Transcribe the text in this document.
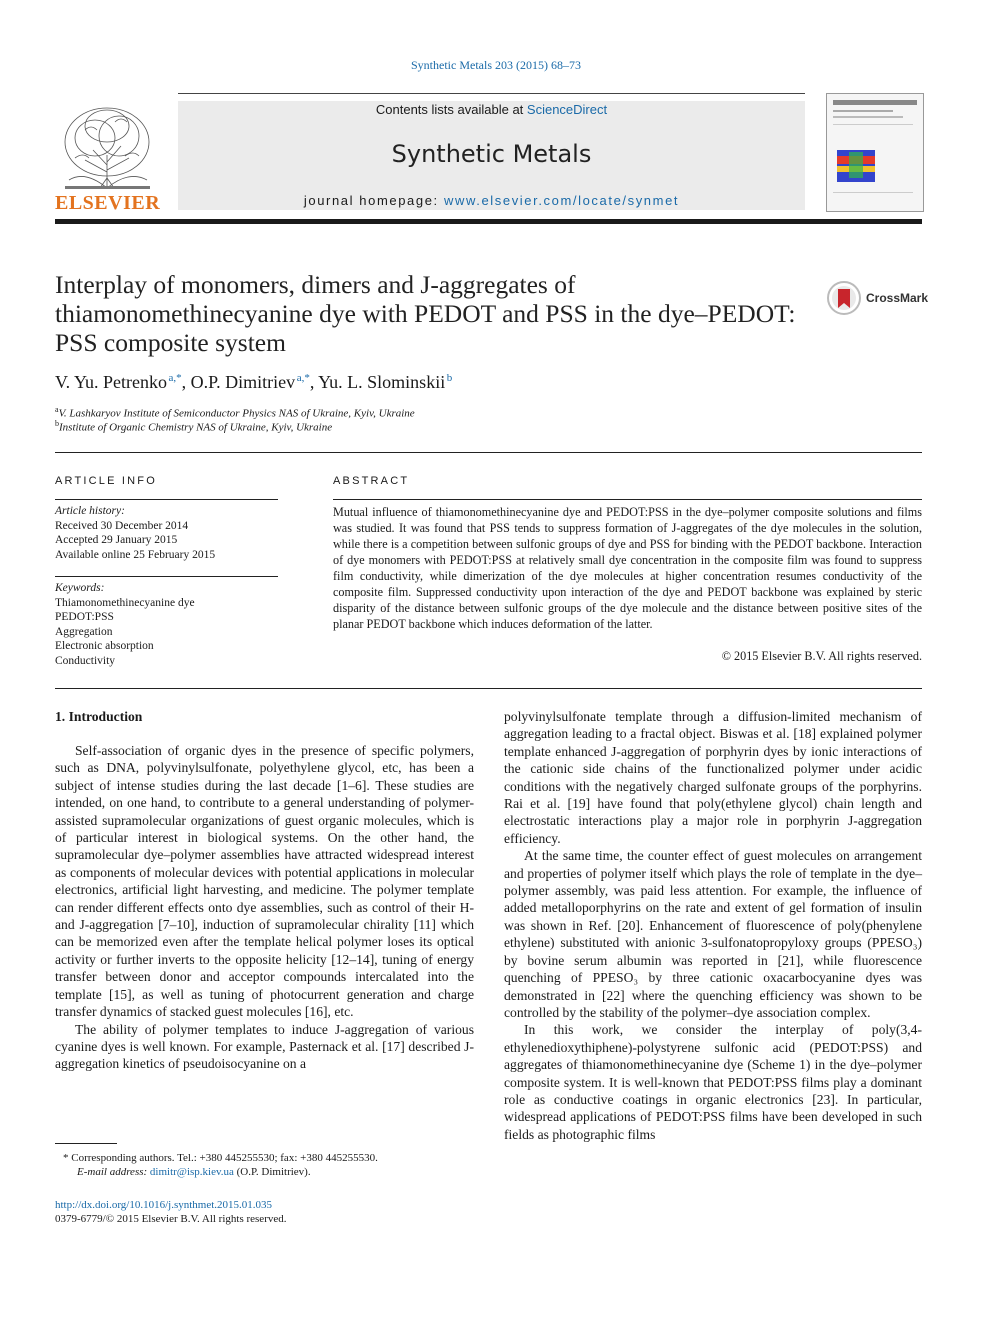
Synthetic Metals 203 (2015) 68–73
ELSEVIER
Contents lists available at ScienceDirect
Synthetic Metals
journal homepage: www.elsevier.com/locate/synmet
Interplay of monomers, dimers and J-aggregates of thiamonomethinecyanine dye with PEDOT and PSS in the dye–PEDOT: PSS composite system
CrossMark
V. Yu. Petrenko  $^{a,*}$, O.P. Dimitriev  $^{a,*}$, Yu. L. Slominskii  $^b$
$^a$V. Lashkaryov Institute of Semiconductor Physics NAS of Ukraine, Kyiv, Ukraine
$^b$Institute of Organic Chemistry NAS of Ukraine, Kyiv, Ukraine
ARTICLE INFO
Article history:
Received 30 December 2014
Accepted 29 January 2015
Available online 25 February 2015
Keywords:
Thiamonomethinecyanine dye
PEDOT:PSS
Aggregation
Electronic absorption
Conductivity
ABSTRACT
Mutual influence of thiamonomethinecyanine dye and PEDOT:PSS in the dye–polymer composite solutions and films was studied. It was found that PSS tends to suppress formation of J-aggregates of the dye molecules in the solution, while there is a competition between sulfonic groups of dye and PSS for binding with the PEDOT backbone. Interaction of dye monomers with PEDOT:PSS at relatively small dye concentration in the composite film was found to suppress film conductivity, while dimerization of the dye molecules at higher concentration resumes conductivity of the composite film. Suppressed conductivity upon interaction of the dye and PEDOT backbone was explained by steric disparity of the distance between sulfonic groups of the dye molecule and the distance between positive sites of the planar PEDOT backbone which induces deformation of the latter.
© 2015 Elsevier B.V. All rights reserved.
1. Introduction

Self-association of organic dyes in the presence of specific polymers, such as DNA, polyvinylsulfonate, polyethylene glycol, etc, has been a subject of intense studies during the last decade [1–6]. These studies are intended, on one hand, to contribute to a general understanding of polymer-assisted supramolecular organizations of guest organic molecules, which is of particular interest in biological systems. On the other hand, the supramolecular dye–polymer assemblies have attracted widespread interest as components of molecular devices with potential applications in molecular electronics, artificial light harvesting, and medicine. The polymer template can render different effects onto dye assemblies, such as control of their H- and J-aggregation [7–10], induction of supramolecular chirality [11] which can be memorized even after the template helical polymer loses its optical activity or further inverts to the opposite helicity [12–14], tuning of energy transfer between donor and acceptor compounds intercalated into the template [15], as well as tuning of photocurrent generation and charge transfer dynamics of stacked guest molecules [16], etc.

The ability of polymer templates to induce J-aggregation of various cyanine dyes is well known. For example, Pasternack et al. [17] described J-aggregation kinetics of pseudoisocyanine on a

polyvinylsulfonate template through a diffusion-limited mechanism of aggregation leading to a fractal object. Biswas et al. [18] explained polymer template enhanced J-aggregation of porphyrin dyes by ionic interactions of the cationic side chains of the functionalized polymer under acidic conditions with the negatively charged sulfonate groups of the porphyrins. Rai et al. [19] have found that poly(ethylene glycol) chain length and electrostatic interactions play a major role in porphyrin J-aggregation efficiency.

At the same time, the counter effect of guest molecules on arrangement and properties of polymer itself which plays the role of template in the dye–polymer assembly, was paid less attention. For example, the influence of added metalloporphyrins on the rate and extent of gel formation of insulin was shown in Ref. [20]. Enhancement of fluorescence of poly(phenylene ethylene) substituted with anionic 3-sulfonatopropyloxy groups (PPESO₃) by bovine serum albumin was reported in [21], while fluorescence quenching of PPESO₃ by three cationic oxacarbocyanine dyes was demonstrated in [22] where the quenching efficiency was shown to be controlled by the stability of the polymer–dye association complex.

In this work, we consider the interplay of poly(3,4-ethylenedioxythiphene)-polystyrene sulfonic acid (PEDOT:PSS) and aggregates of thiamonomethinecyanine dye (Scheme 1) in the dye–polymer composite system. It is well-known that PEDOT:PSS films play a dominant role as conductive coatings in organic electronics [23]. In particular, widespread applications of PEDOT:PSS films have been developed in such fields as photographic films

* Corresponding authors. Tel.: +380 445255530; fax: +380 445255530.
E-mail address: dimitr@isp.kiev.ua (O.P. Dimitriev).
http://dx.doi.org/10.1016/j.synthmet.2015.01.035
0379-6779/© 2015 Elsevier B.V. All rights reserved.
